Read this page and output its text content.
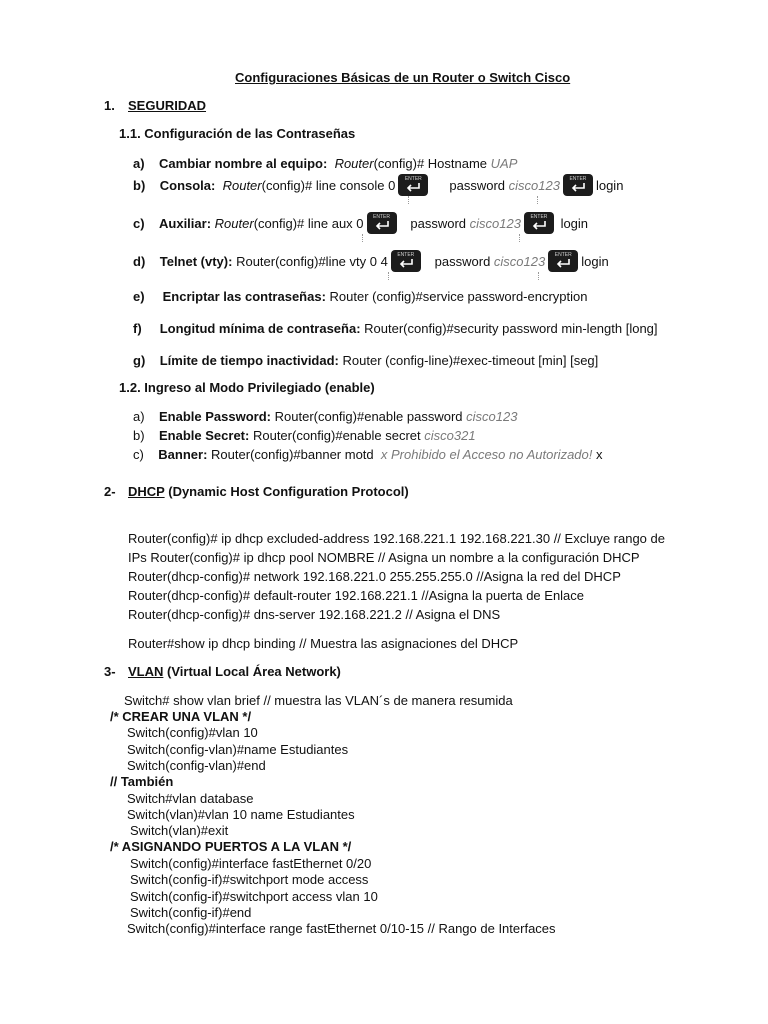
Configuraciones Básicas de un Router o Switch Cisco
1. SEGURIDAD
1.1. Configuración de las Contraseñas
a) Cambiar nombre al equipo: Router(config)# Hostname UAP
b) Consola: Router(config)# line console 0	ENTER	password cisco123	ENTER login
c) Auxiliar: Router(config)# line aux 0	ENTER	password cisco123	ENTER	login
d) Telnet (vty): Router(config)#line vty 0 4	ENTER	password cisco123	ENTER login
e) Encriptar las contraseñas: Router (config)#service password-encryption
f) Longitud mínima de contraseña: Router(config)#security password min-length [long]
g) Límite de tiempo inactividad: Router (config-line)#exec-timeout [min] [seg]
1.2. Ingreso al Modo Privilegiado (enable)
a) Enable Password: Router(config)#enable password cisco123
b) Enable Secret: Router(config)#enable secret cisco321
c) Banner: Router(config)#banner motd  x Prohibido el Acceso no Autorizado! x
2- DHCP (Dynamic Host Configuration Protocol)
Router(config)# ip dhcp excluded-address 192.168.221.1 192.168.221.30 // Excluye rango de
IPs Router(config)# ip dhcp pool NOMBRE // Asigna un nombre a la configuración DHCP
Router(dhcp-config)# network 192.168.221.0 255.255.255.0 //Asigna la red del DHCP
Router(dhcp-config)# default-router 192.168.221.1 //Asigna la puerta de Enlace
Router(dhcp-config)# dns-server 192.168.221.2 // Asigna el DNS
Router#show ip dhcp binding // Muestra las asignaciones del DHCP
3- VLAN (Virtual Local Área Network)
Switch# show vlan brief // muestra las VLAN´s de manera resumida
/* CREAR UNA VLAN */
Switch(config)#vlan 10
Switch(config-vlan)#name Estudiantes
Switch(config-vlan)#end
// También
Switch#vlan database
Switch(vlan)#vlan 10 name Estudiantes
Switch(vlan)#exit
/* ASIGNANDO PUERTOS A LA VLAN */
Switch(config)#interface fastEthernet 0/20
Switch(config-if)#switchport mode access
Switch(config-if)#switchport access vlan 10
Switch(config-if)#end
Switch(config)#interface range fastEthernet 0/10-15 // Rango de Interfaces
